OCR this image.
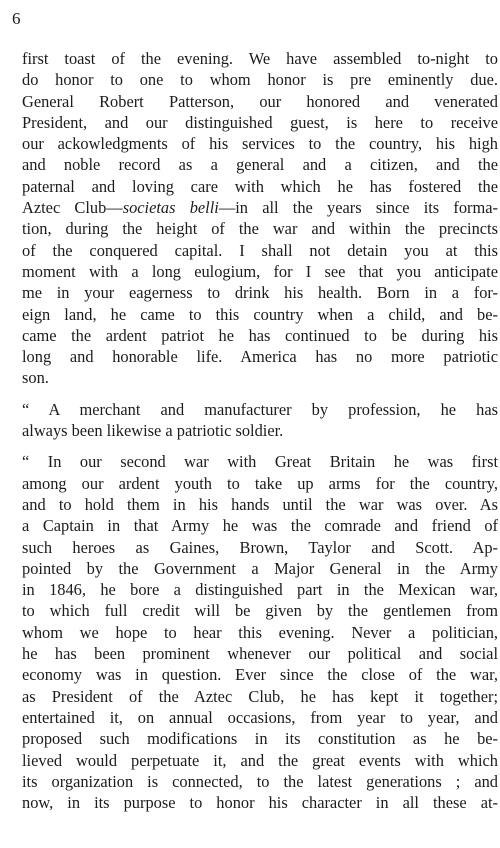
6
first toast of the evening. We have assembled to-night to
do honor to one to whom honor is pre eminently due.
General Robert Patterson, our honored and venerated
President, and our distinguished guest, is here to receive
our ackowledgments of his services to the country, his high
and noble record as a general and a citizen, and the
paternal and loving care with which he has fostered the
Aztec Club—societas belli—in all the years since its forma-
tion, during the height of the war and within the precincts
of the conquered capital. I shall not detain you at this
moment with a long eulogium, for I see that you anticipate
me in your eagerness to drink his health. Born in a for-
eign land, he came to this country when a child, and be-
came the ardent patriot he has continued to be during his
long and honorable life. America has no more patriotic
son.
“ A merchant and manufacturer by profession, he has
always been likewise a patriotic soldier.
“ In our second war with Great Britain he was first
among our ardent youth to take up arms for the country,
and to hold them in his hands until the war was over. As
a Captain in that Army he was the comrade and friend of
such heroes as Gaines, Brown, Taylor and Scott. Ap-
pointed by the Government a Major General in the Army
in 1846, he bore a distinguished part in the Mexican war,
to which full credit will be given by the gentlemen from
whom we hope to hear this evening. Never a politician,
he has been prominent whenever our political and social
economy was in question. Ever since the close of the war,
as President of the Aztec Club, he has kept it together;
entertained it, on annual occasions, from year to year, and
proposed such modifications in its constitution as he be-
lieved would perpetuate it, and the great events with which
its organization is connected, to the latest generations ; and
now, in its purpose to honor his character in all these at-
